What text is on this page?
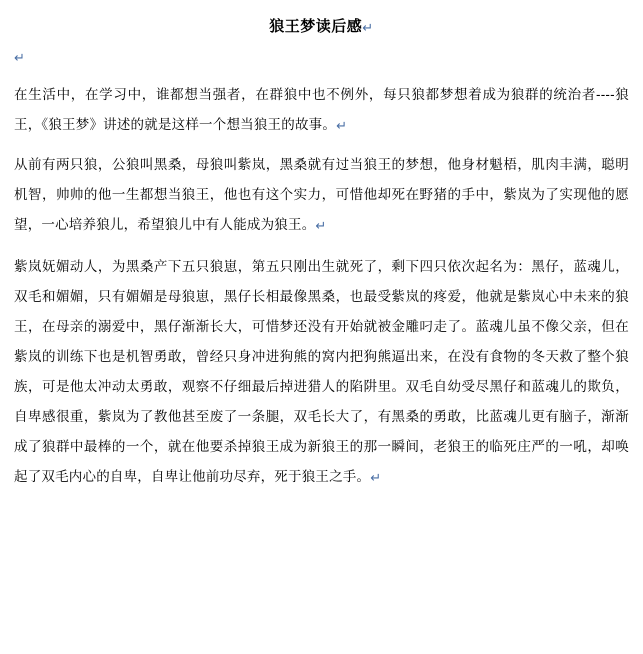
狼王梦读后感↵
↵

在生活中，在学习中，谁都想当强者，在群狼中也不例外，每只狼都梦想着成为狼群的统治者----狼王，《狼王梦》讲述的就是这样一个想当狼王的故事。↵

从前有两只狼，公狼叫黑桑，母狼叫紫岚，黑桑就有过当狼王的梦想，他身材魁梧，肌肉丰满，聪明机智，帅帅的他一生都想当狼王，他也有这个实力，可惜他却死在野猪的手中，紫岚为了实现他的愿望，一心培养狼儿，希望狼儿中有人能成为狼王。↵

紫岚妩媚动人，为黑桑产下五只狼崽，第五只刚出生就死了，剩下四只依次起名为：黑仔，蓝魂儿，双毛和媚媚，只有媚媚是母狼崽，黑仔长相最像黑桑，也最受紫岚的疼爱，他就是紫岚心中未来的狼王，在母亲的溺爱中，黑仔渐渐长大，可惜梦还没有开始就被金雕叼走了。蓝魂儿虽不像父亲，但在紫岚的训练下也是机智勇敢，曾经只身冲进狗熊的窝内把狗熊逼出来，在没有食物的冬天救了整个狼族，可是他太冲动太勇敢，观察不仔细最后掉进猎人的陷阱里。双毛自幼受尽黑仔和蓝魂儿的欺负，自卑感很重，紫岚为了教他甚至废了一条腿，双毛长大了，有黑桑的勇敢，比蓝魂儿更有脑子，渐渐成了狼群中最棒的一个，就在他要杀掉狼王成为新狼王的那一瞬间，老狼王的临死庄严的一吼，却唤起了双毛内心的自卑，自卑让他前功尽弃，死于狼王之手。↵
